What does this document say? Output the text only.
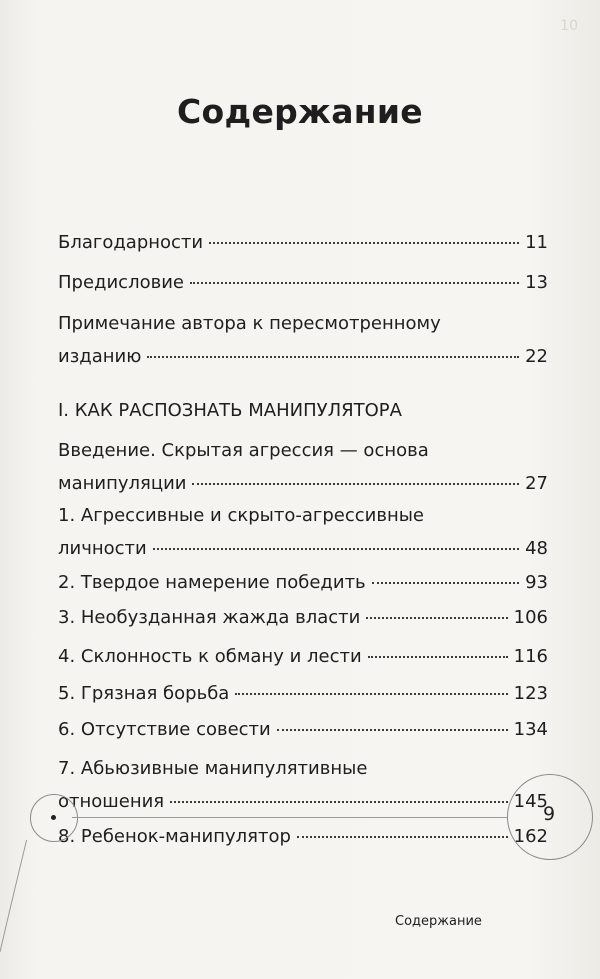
10
Содержание
Благодарности	11
Предисловие	13
Примечание автора к пересмотренному
изданию	22
I. КАК РАСПОЗНАТЬ МАНИПУЛЯТОРА
Введение. Скрытая агрессия — основа
манипуляции	27
1. Агрессивные и скрыто-агрессивные
личности	48
2. Твердое намерение победить	93
3. Необузданная жажда власти	106
4. Склонность к обману и лести	116
5. Грязная борьба	123
6. Отсутствие совести	134
7. Абьюзивные манипулятивные
отношения	145
8. Ребенок-манипулятор	162
9
Содержание
